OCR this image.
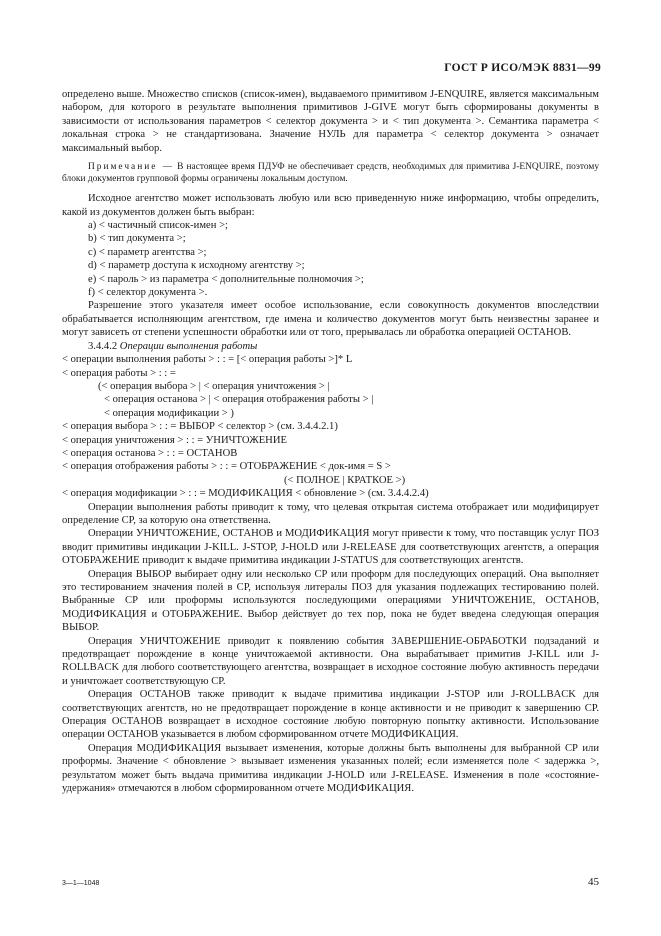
ГОСТ Р ИСО/МЭК 8831—99

определено выше. Множество списков (список-имен), выдаваемого примитивом J-ENQUIRE, является максимальным набором, для которого в результате выполнения примитивов J-GIVE могут быть сформированы документы в зависимости от использования параметров < селектор документа > и < тип документа >. Семантика параметра < локальная строка > не стандартизована. Значение НУЛЬ для параметра < селектор документа > означает максимальный выбор.

Примечание — В настоящее время ПДУФ не обеспечивает средств, необходимых для примитива J-ENQUIRE, поэтому блоки документов групповой формы ограничены локальным доступом.

Исходное агентство может использовать любую или всю приведенную ниже информацию, чтобы определить, какой из документов должен быть выбран:

а) < частичный список-имен >;

b) < тип документа >;

с) < параметр агентства >;

d) < параметр доступа к исходному агентству >;

е) < пароль > из параметра < дополнительные полномочия >;

f) < селектор документа >.

Разрешение этого указателя имеет особое использование, если совокупность документов впоследствии обрабатывается исполняющим агентством, где имена и количество документов могут быть неизвестны заранее и могут зависеть от степени успешности обработки или от того, прерывалась ли обработка операцией ОСТАНОВ.

3.4.4.2 Операции выполнения работы

< операции выполнения работы > : : = [< операция работы >]* L

< операция работы > : : =

(< операция выбора > | < операция уничтожения > |

< операция останова > | < операция отображения работы > |

< операция модификации > )

< операция выбора > : : = ВЫБОР < селектор > (см. 3.4.4.2.1)

< операция уничтожения > : : = УНИЧТОЖЕНИЕ

< операция останова > : : = ОСТАНОВ

< операция отображения работы > : : = ОТОБРАЖЕНИЕ < док-имя = S >

(< ПОЛНОЕ | КРАТКОЕ >)

< операция модификации > : : = МОДИФИКАЦИЯ < обновление > (см. 3.4.4.2.4)

Операции выполнения работы приводит к тому, что целевая открытая система отображает или модифицирует определение СР, за которую она ответственна.

Операции УНИЧТОЖЕНИЕ, ОСТАНОВ и МОДИФИКАЦИЯ могут привести к тому, что поставщик услуг ПОЗ вводит примитивы индикации J-KILL. J-STOP, J-HOLD или J-RELEASE для соответствующих агентств, а операция ОТОБРАЖЕНИЕ приводит к выдаче примитива индикации J-STATUS для соответствующих агентств.

Операция ВЫБОР выбирает одну или несколько СР или проформ для последующих операций. Она выполняет это тестированием значения полей в СР, используя литералы ПОЗ для указания подлежащих тестированию полей. Выбранные СР или проформы используются последующими операциями УНИЧТОЖЕНИЕ, ОСТАНОВ, МОДИФИКАЦИЯ и ОТОБРАЖЕНИЕ. Выбор действует до тех пор, пока не будет введена следующая операция ВЫБОР.

Операция УНИЧТОЖЕНИЕ приводит к появлению события ЗАВЕРШЕНИЕ-ОБРАБОТКИ подзаданий и предотвращает порождение в конце уничтожаемой активности. Она вырабатывает примитив J-KILL или J-ROLLBACK для любого соответствующего агентства, возвращает в исходное состояние любую активность передачи и уничтожает соответствующую СР.

Операция ОСТАНОВ также приводит к выдаче примитива индикации J-STOP или J-ROLLBACK для соответствующих агентств, но не предотвращает порождение в конце активности и не приводит к завершению СР. Операция ОСТАНОВ возвращает в исходное состояние любую повторную попытку активности. Использование операции ОСТАНОВ указывается в любом сформированном отчете МОДИФИКАЦИЯ.

Операция МОДИФИКАЦИЯ вызывает изменения, которые должны быть выполнены для выбранной СР или проформы. Значение < обновление > вызывает изменения указанных полей; если изменяется поле < задержка >, результатом может быть выдача примитива индикации J-HOLD или J-RELEASE. Изменения в поле «состояние-удержания» отмечаются в любом сформированном отчете МОДИФИКАЦИЯ.

3—1—1048	45
